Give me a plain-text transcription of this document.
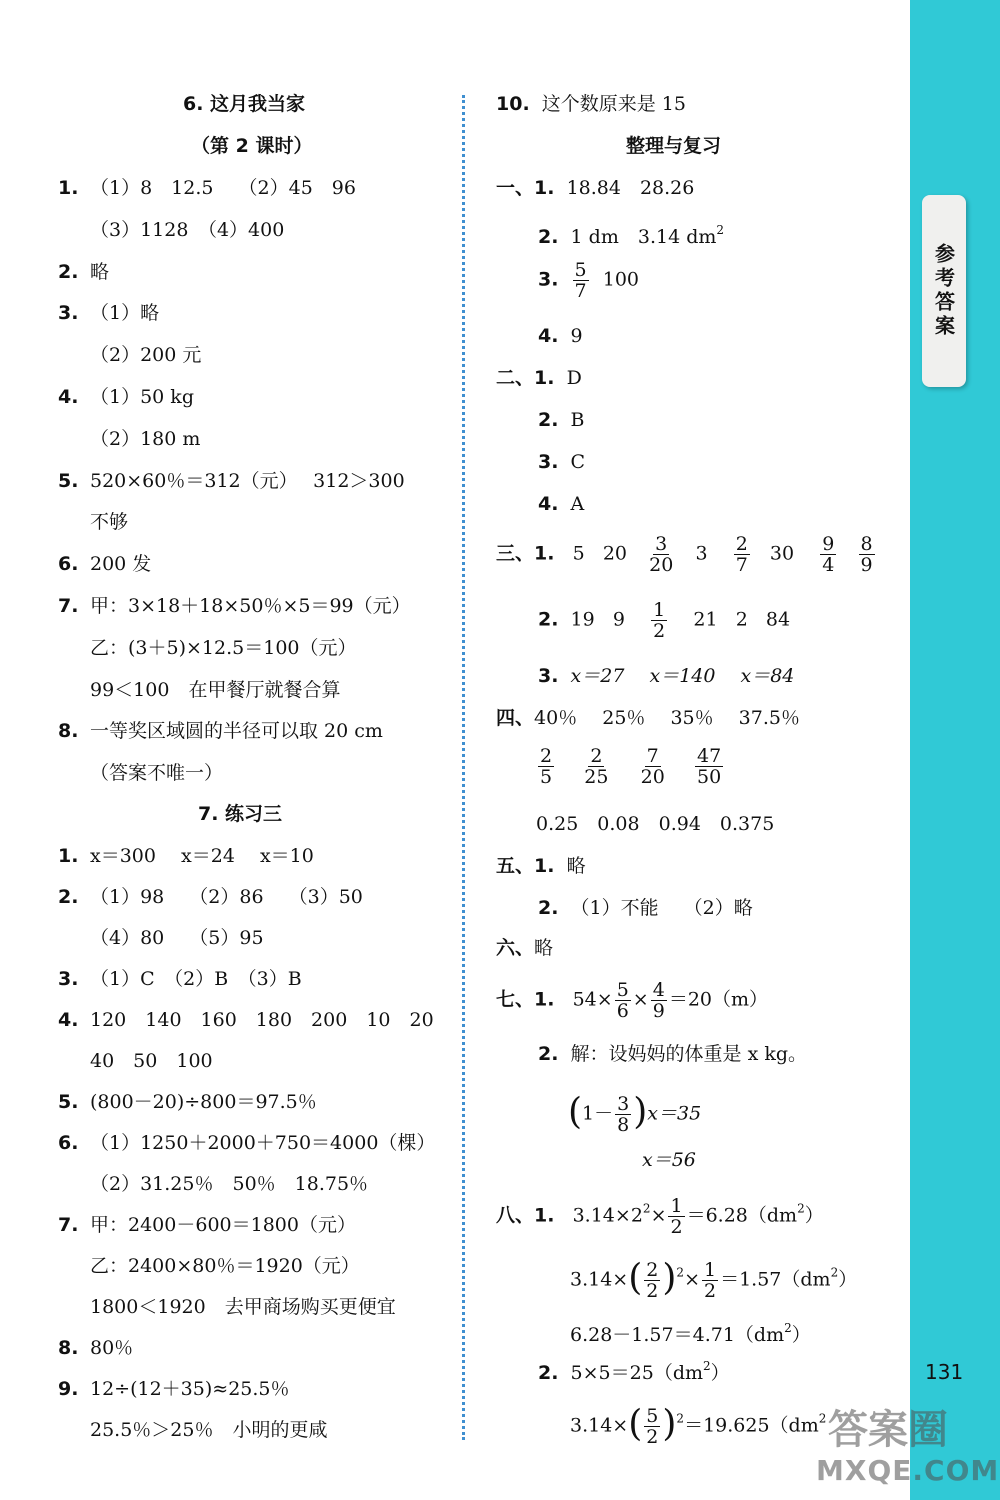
参考答案
6. 这月我当家
（第 2 课时）
1. （1）8　12.5　 （2）45　96
（3）1128　（4）400
2. 略
3. （1）略
（2）200 元
4. （1）50 kg
（2）180 m
5. 520×60％＝312（元）　 312＞300
不够
6. 200 发
7. 甲：3×18＋18×50％×5＝99（元）
乙：(3＋5)×12.5＝100（元）
99＜100　在甲餐厅就餐合算
8. 一等奖区域圆的半径可以取 20 cm
（答案不唯一）
7. 练习三
1. x＝300　 x＝24　 x＝10
2. （1）98　 （2）86　 （3）50
（4）80　 （5）95
3. （1）C　（2）B　（3）B
4. 120　140　160　180　200　10　20
40　50　100
5. (800－20)÷800＝97.5％
6. （1）1250＋2000＋750＝4000（棵）
（2）31.25％　50％　18.75％
7. 甲：2400－600＝1800（元）
乙：2400×80％＝1920（元）
1800＜1920　去甲商场购买更便宜
8. 80％
9. 12÷(12＋35)≈25.5％
25.5％＞25％　小明的更咸
10. 这个数原来是 15
整理与复习
一、1. 18.84　28.26
2. 1 dm　3.14 $dm^2$
3. $\frac{5}{7} 100$
4. 9
二、1. D
2. B
3. C
4. A
三、1. 5 $20 \frac{3}{20} 3 \frac{2}{7} 30 \frac{9}{4}$
$\frac{8}{9}$
2. 19 $9 \frac{1}{2} 21$ 2 84
3. x＝27　 x＝140　 x＝84
四、40％　 25％　 35％　 37.5％
$\frac{2}{5}$
$\frac{2}{25}$
$\frac{7}{20}$
$\frac{47}{50}$
0.25　0.08　0.94　0.375
五、1. 略
2. （1）不能　 （2）略
六、略
七、1. $54\times \frac{5}{6} \times \frac{4}{9} =20(m)$
2. 解：设妈妈的体重是 x kg。
$(1- \frac{3}{8} )x=35$
x＝56
八、1. $3.14\times 2^2\times \frac{1}{2} =6.28(dm^2)$
$3.14\times( \frac{2}{2} )^2\times \frac{1}{2} =1.57(dm^2)$
$6.28-1.57=4.71(dm^2)$
2. $5\times 5=25(dm^2)$
$3.14\times( \frac{5}{2} )^2=19.625(dm^2$
131
答案圈
MXQE.COM
